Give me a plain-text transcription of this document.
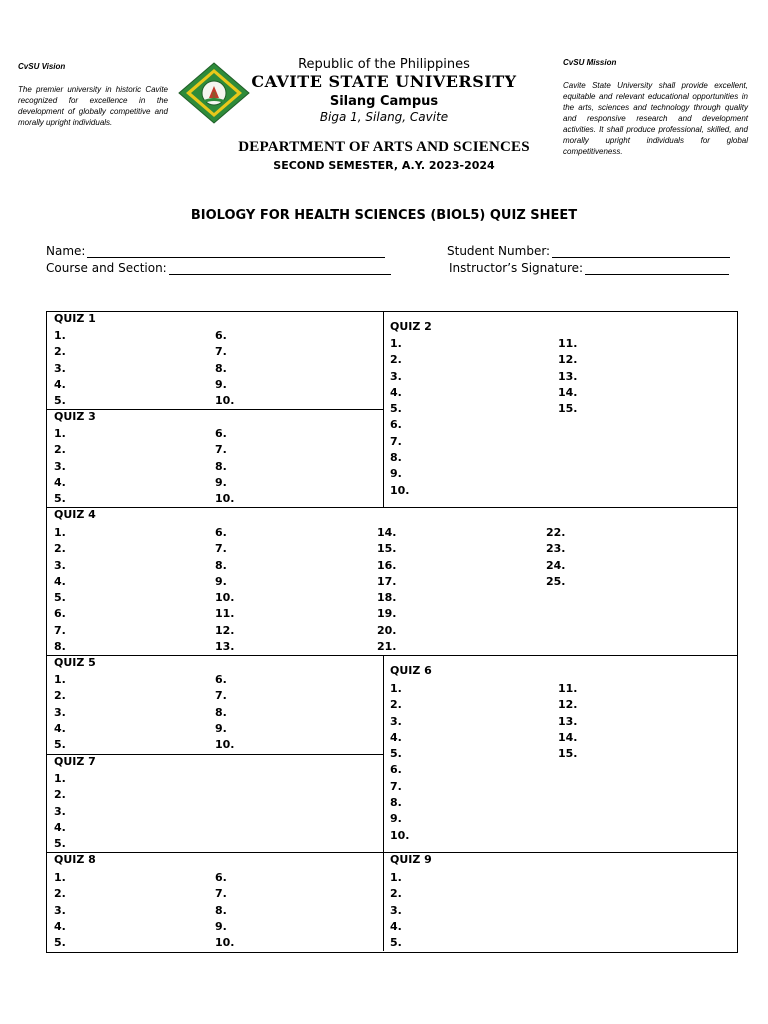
CvSU Vision
The premier university in historic Cavite recognized for excellence in the development of globally competitive and morally upright individuals.
Republic of the Philippines
CAVITE STATE UNIVERSITY
Silang Campus
Biga 1, Silang, Cavite
DEPARTMENT OF ARTS AND SCIENCES
SECOND SEMESTER, A.Y. 2023-2024
CvSU Mission
Cavite State University shall provide excellent, equitable and relevant educational opportunities in the arts, sciences and technology through quality and responsive research and development activities. It shall produce professional, skilled, and morally upright individuals for global competitiveness.
BIOLOGY FOR HEALTH SCIENCES (BIOL5) QUIZ SHEET
Name:	Student Number:
Course and Section:	Instructor’s Signature:
QUIZ 1
1.
2.
3.
4.
5.
6.
7.
8.
9.
10.
QUIZ 2
1.
2.
3.
4.
5.
6.
7.
8.
9.
10.
11.
12.
13.
14.
15.
QUIZ 3
1.
2.
3.
4.
5.
6.
7.
8.
9.
10.
QUIZ 4
1.
2.
3.
4.
5.
6.
7.
8.
6.
7.
8.
9.
10.
11.
12.
13.
14.
15.
16.
17.
18.
19.
20.
21.
22.
23.
24.
25.
QUIZ 5
1.
2.
3.
4.
5.
6.
7.
8.
9.
10.
QUIZ 6
1.
2.
3.
4.
5.
6.
7.
8.
9.
10.
11.
12.
13.
14.
15.
QUIZ 7
1.
2.
3.
4.
5.
QUIZ 8
1.
2.
3.
4.
5.
6.
7.
8.
9.
10.
QUIZ 9
1.
2.
3.
4.
5.
